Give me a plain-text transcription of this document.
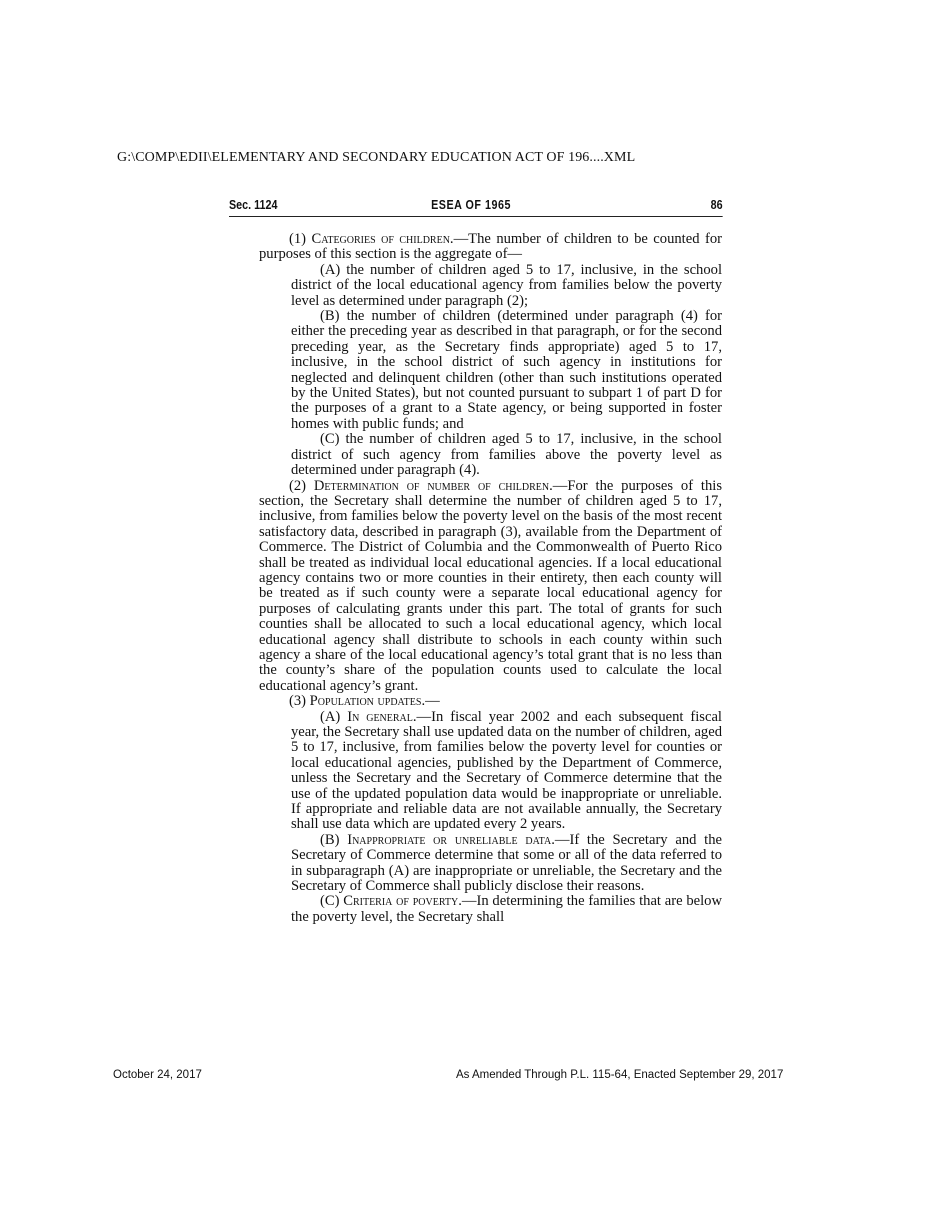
G:\COMP\EDII\ELEMENTARY AND SECONDARY EDUCATION ACT OF 196....XML
Sec. 1124	ESEA OF 1965	86

(1) Categories of children.—The number of children to be counted for purposes of this section is the aggregate of—

(A) the number of children aged 5 to 17, inclusive, in the school district of the local educational agency from families below the poverty level as determined under paragraph (2);

(B) the number of children (determined under paragraph (4) for either the preceding year as described in that paragraph, or for the second preceding year, as the Secretary finds appropriate) aged 5 to 17, inclusive, in the school district of such agency in institutions for neglected and delinquent children (other than such institutions operated by the United States), but not counted pursuant to subpart 1 of part D for the purposes of a grant to a State agency, or being supported in foster homes with public funds; and

(C) the number of children aged 5 to 17, inclusive, in the school district of such agency from families above the poverty level as determined under paragraph (4).

(2) Determination of number of children.—For the purposes of this section, the Secretary shall determine the number of children aged 5 to 17, inclusive, from families below the poverty level on the basis of the most recent satisfactory data, described in paragraph (3), available from the Department of Commerce. The District of Columbia and the Commonwealth of Puerto Rico shall be treated as individual local educational agencies. If a local educational agency contains two or more counties in their entirety, then each county will be treated as if such county were a separate local educational agency for purposes of calculating grants under this part. The total of grants for such counties shall be allocated to such a local educational agency, which local educational agency shall distribute to schools in each county within such agency a share of the local educational agency’s total grant that is no less than the county’s share of the population counts used to calculate the local educational agency’s grant.

(3) Population updates.—

(A) In general.—In fiscal year 2002 and each subsequent fiscal year, the Secretary shall use updated data on the number of children, aged 5 to 17, inclusive, from families below the poverty level for counties or local educational agencies, published by the Department of Commerce, unless the Secretary and the Secretary of Commerce determine that the use of the updated population data would be inappropriate or unreliable. If appropriate and reliable data are not available annually, the Secretary shall use data which are updated every 2 years.

(B) Inappropriate or unreliable data.—If the Secretary and the Secretary of Commerce determine that some or all of the data referred to in subparagraph (A) are inappropriate or unreliable, the Secretary and the Secretary of Commerce shall publicly disclose their reasons.

(C) Criteria of poverty.—In determining the families that are below the poverty level, the Secretary shall

October 24, 2017	As Amended Through P.L. 115-64, Enacted September 29, 2017
